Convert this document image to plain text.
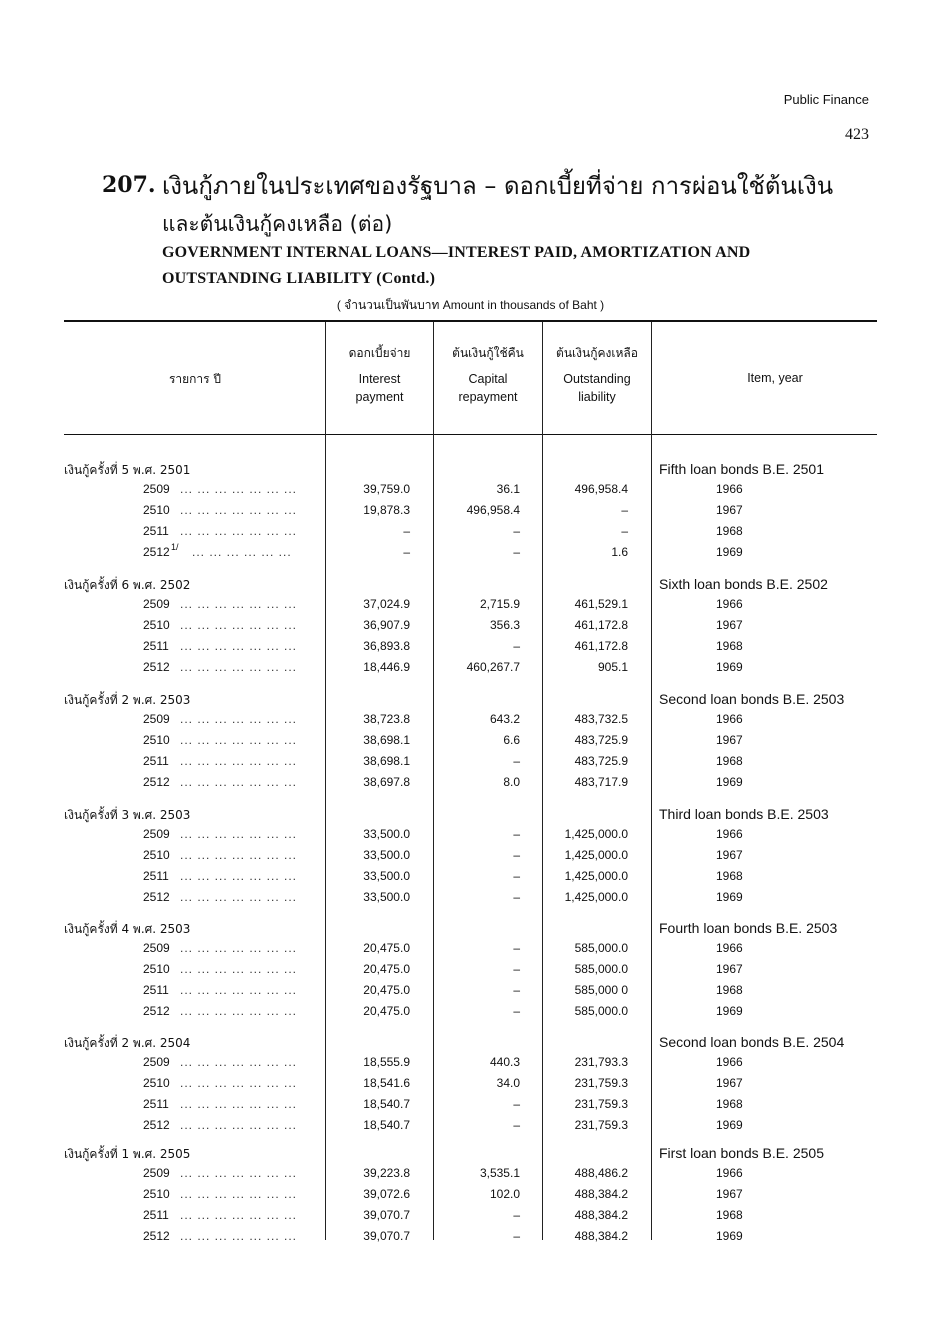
Public Finance
423
207. เงินกู้ภายในประเทศของรัฐบาล – ดอกเบี้ยที่จ่าย การผ่อนใช้ต้นเงิน
และต้นเงินกู้คงเหลือ (ต่อ)
GOVERNMENT INTERNAL LOANS—INTEREST PAID, AMORTIZATION AND
OUTSTANDING LIABILITY (Contd.)
( จำนวนเป็นพันบาท Amount in thousands of Baht )
รายการ ปี
ดอกเบี้ยจ่าย
Interest
payment
ต้นเงินกู้ใช้คืน
Capital
repayment
ต้นเงินกู้คงเหลือ
Outstanding
liability
Item, year
เงินกู้ครั้งที่ 5 พ.ศ. 2501	Fifth loan bonds B.E. 2501
2509	39,759.0	36.1	496,958.4	1966
... ... ... ... ... ... ...
2510	19,878.3	496,958.4	–	1967
... ... ... ... ... ... ...
2511	–	–	–	1968
... ... ... ... ... ... ...
2512	–	–	1.6	1969
1/ ... ... ... ... ... ...
เงินกู้ครั้งที่ 6 พ.ศ. 2502	Sixth loan bonds B.E. 2502
2509	37,024.9	2,715.9	461,529.1	1966
... ... ... ... ... ... ...
2510	36,907.9	356.3	461,172.8	1967
... ... ... ... ... ... ...
2511	36,893.8	–	461,172.8	1968
... ... ... ... ... ... ...
2512	18,446.9	460,267.7	905.1	1969
... ... ... ... ... ... ...
เงินกู้ครั้งที่ 2 พ.ศ. 2503	Second loan bonds B.E. 2503
2509	38,723.8	643.2	483,732.5	1966
... ... ... ... ... ... ...
2510	38,698.1	6.6	483,725.9	1967
... ... ... ... ... ... ...
2511	38,698.1	–	483,725.9	1968
... ... ... ... ... ... ...
2512	38,697.8	8.0	483,717.9	1969
... ... ... ... ... ... ...
เงินกู้ครั้งที่ 3 พ.ศ. 2503	Third loan bonds B.E. 2503
2509	33,500.0	–	1,425,000.0	1966
... ... ... ... ... ... ...
2510	33,500.0	–	1,425,000.0	1967
... ... ... ... ... ... ...
2511	33,500.0	–	1,425,000.0	1968
... ... ... ... ... ... ...
2512	33,500.0	–	1,425,000.0	1969
... ... ... ... ... ... ...
เงินกู้ครั้งที่ 4 พ.ศ. 2503	Fourth loan bonds B.E. 2503
2509	20,475.0	–	585,000.0	1966
... ... ... ... ... ... ...
2510	20,475.0	–	585,000.0	1967
... ... ... ... ... ... ...
2511	20,475.0	–	585,000 0	1968
... ... ... ... ... ... ...
2512	20,475.0	–	585,000.0	1969
... ... ... ... ... ... ...
เงินกู้ครั้งที่ 2 พ.ศ. 2504	Second loan bonds B.E. 2504
2509	18,555.9	440.3	231,793.3	1966
... ... ... ... ... ... ...
2510	18,541.6	34.0	231,759.3	1967
... ... ... ... ... ... ...
2511	18,540.7	–	231,759.3	1968
... ... ... ... ... ... ...
2512	18,540.7	–	231,759.3	1969
... ... ... ... ... ... ...
เงินกู้ครั้งที่ 1 พ.ศ. 2505	First loan bonds B.E. 2505
2509	39,223.8	3,535.1	488,486.2	1966
... ... ... ... ... ... ...
2510	39,072.6	102.0	488,384.2	1967
... ... ... ... ... ... ...
2511	39,070.7	–	488,384.2	1968
... ... ... ... ... ... ...
2512	39,070.7	–	488,384.2	1969
... ... ... ... ... ... ...
